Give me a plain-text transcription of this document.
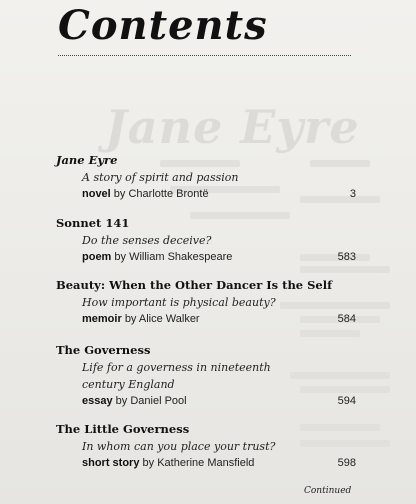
Jane Eyre
Contents
Jane Eyre
A story of spirit and passion
novel by Charlotte Brontë	3
Sonnet 141
Do the senses deceive?
poem by William Shakespeare	583
Beauty: When the Other Dancer Is the Self
How important is physical beauty?
memoir by Alice Walker	584
The Governess
Life for a governess in nineteenth
century England
essay by Daniel Pool	594
The Little Governess
In whom can you place your trust?
short story by Katherine Mansfield	598
Continued
